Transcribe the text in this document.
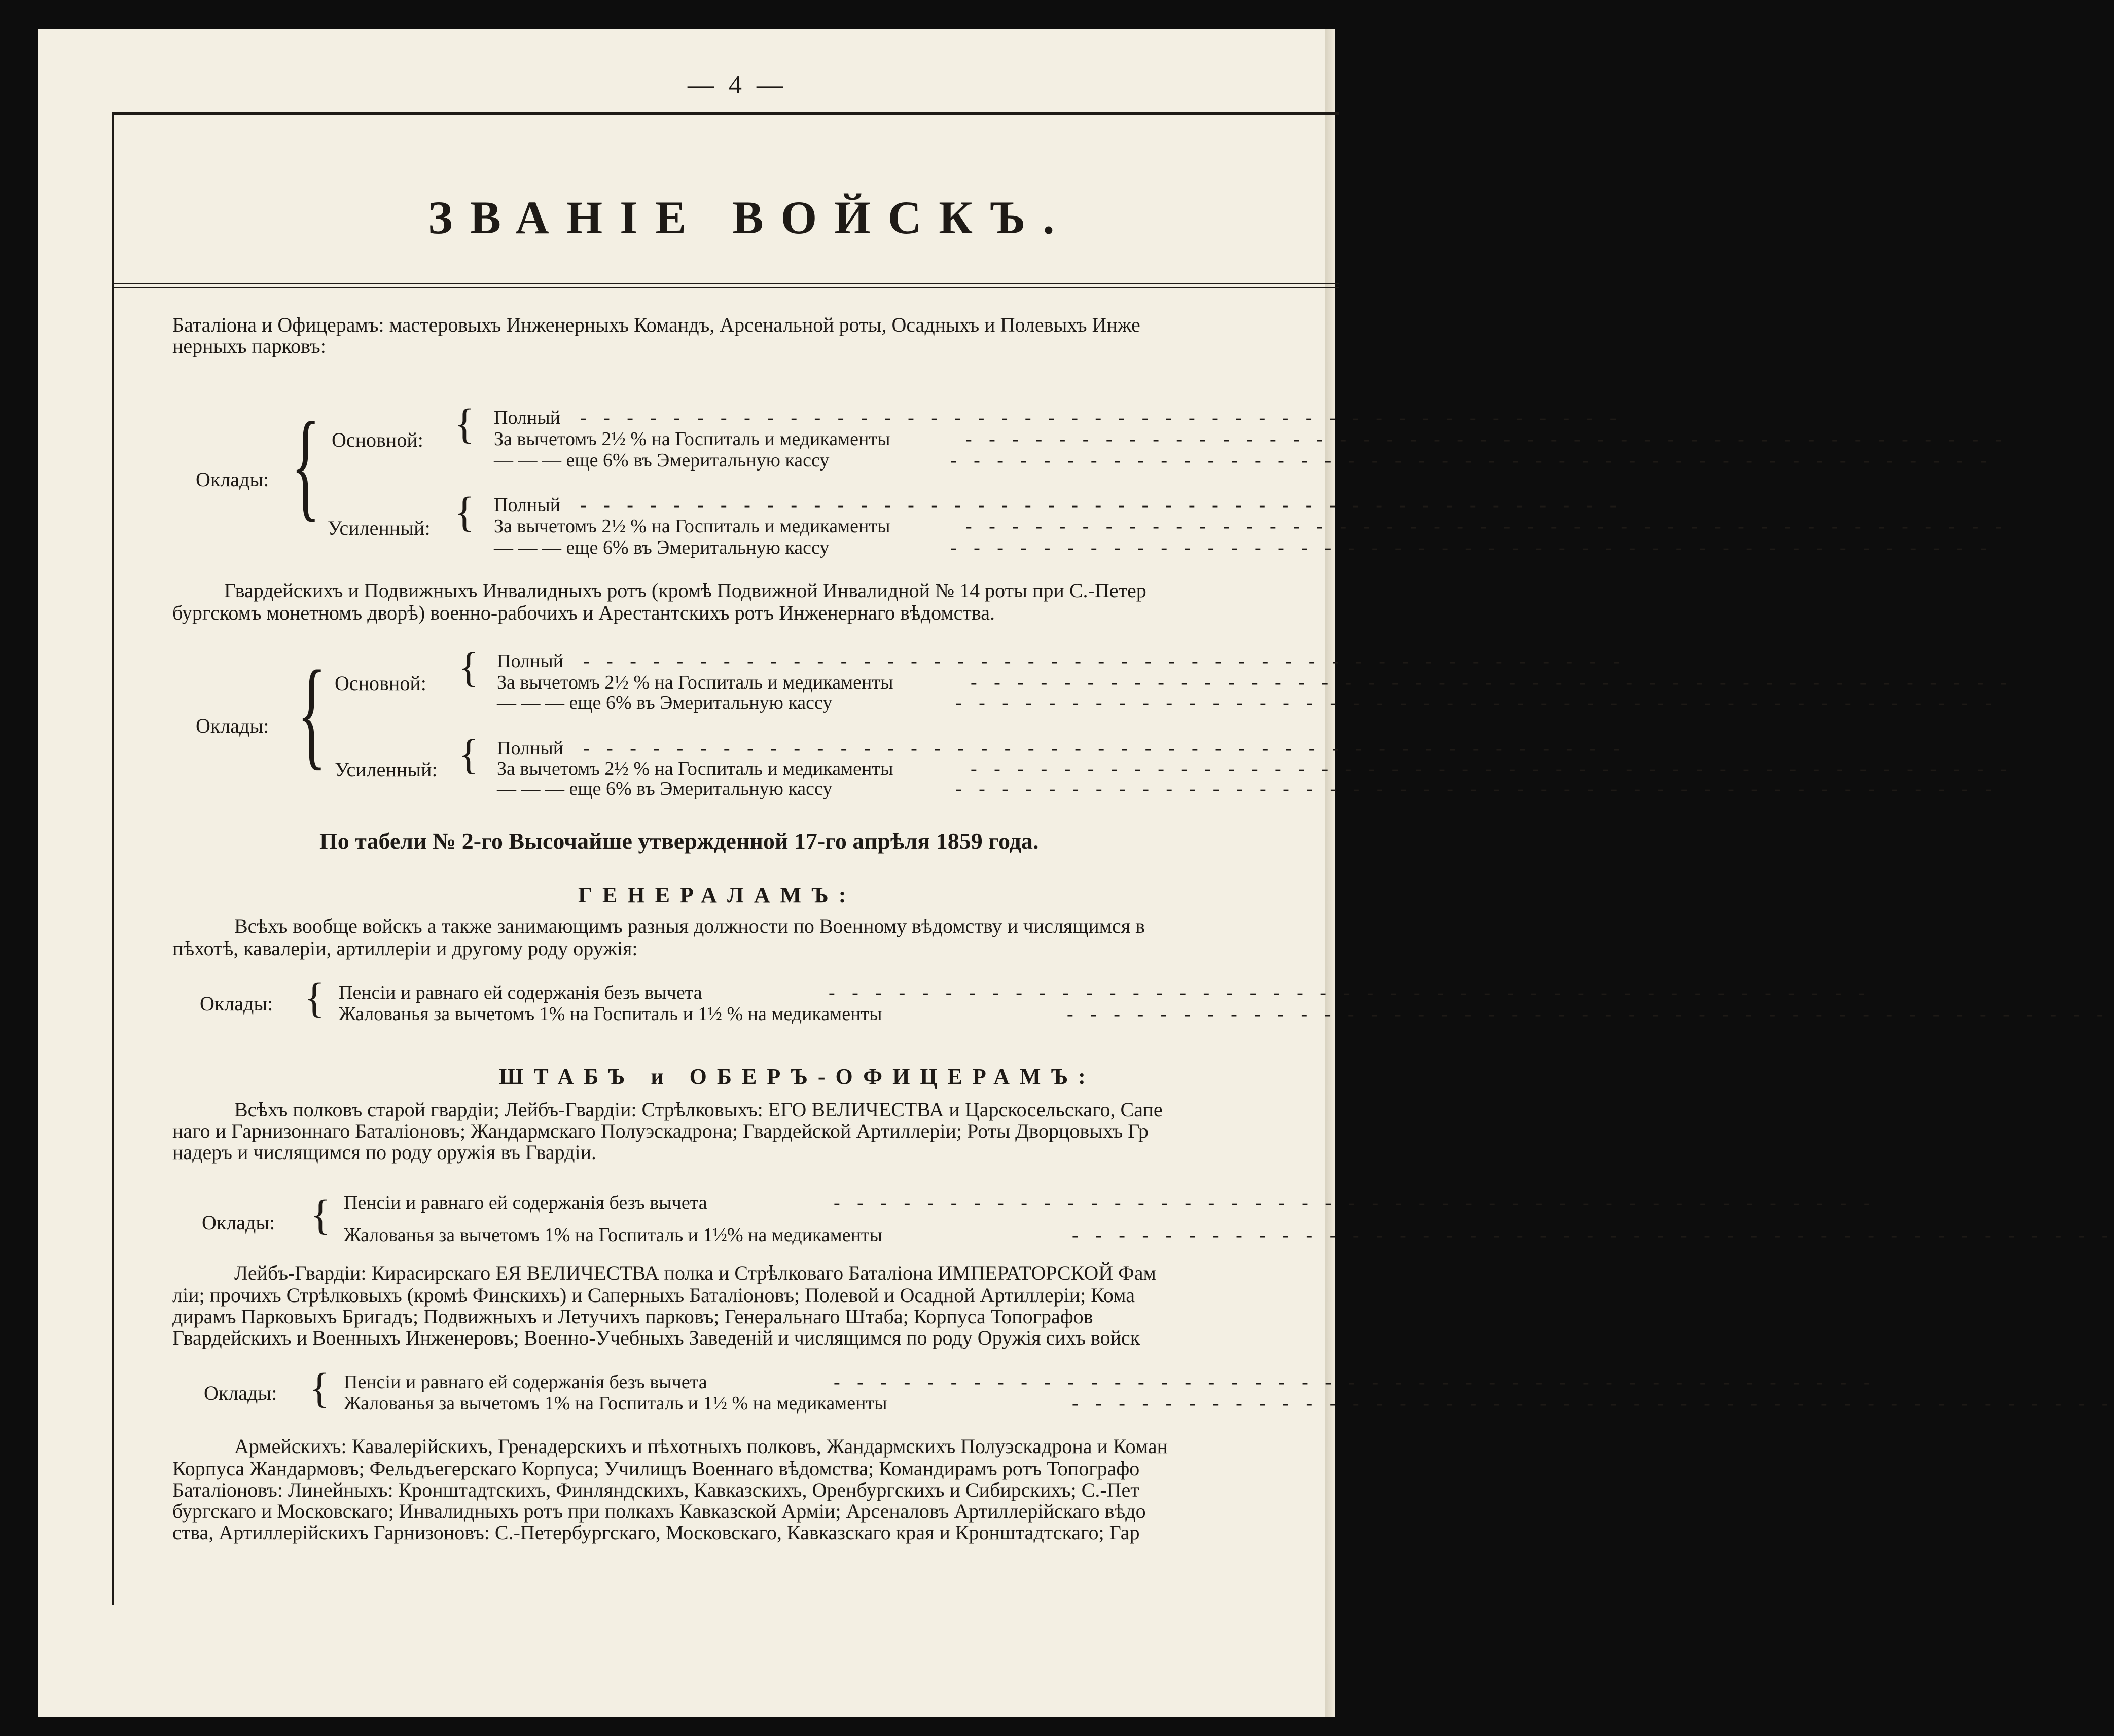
— 4 —
ЗВАНІЕ ВОЙСКЪ.
Баталіона и Офицерамъ: мастеровыхъ Инженерныхъ Командъ, Арсенальной роты, Осадныхъ и Полевыхъ Инже
нерныхъ парковъ:
Оклады: { Основной:
Усиленный:
{
{
Полный
За вычетомъ 2½ % на Госпиталь и медикаменты
— — — еще 6% въ Эмеритальную кассу
- - - - - - - - - - - - - - - - - - - - - - - - - - - - - - - - - - - - - - - - - - - - -
- - - - - - - - - - - - - - - - - - - - - - - - - - - - - - - - - - - - - - - - - - - - -
- - - - - - - - - - - - - - - - - - - - - - - - - - - - - - - - - - - - - - - - - - - - -
Полный
За вычетомъ 2½ % на Госпиталь и медикаменты
— — — еще 6% въ Эмеритальную кассу
- - - - - - - - - - - - - - - - - - - - - - - - - - - - - - - - - - - - - - - - - - - - -
- - - - - - - - - - - - - - - - - - - - - - - - - - - - - - - - - - - - - - - - - - - - -
- - - - - - - - - - - - - - - - - - - - - - - - - - - - - - - - - - - - - - - - - - - - -
Гвардейскихъ и Подвижныхъ Инвалидныхъ ротъ (кромѣ Подвижной Инвалидной № 14 роты при С.-Петер
бургскомъ монетномъ дворѣ) военно-рабочихъ и Арестантскихъ ротъ Инженернаго вѣдомства.
Оклады: { Основной:
Усиленный:
{
{
Полный
За вычетомъ 2½ % на Госпиталь и медикаменты
— — — еще 6% въ Эмеритальную кассу
- - - - - - - - - - - - - - - - - - - - - - - - - - - - - - - - - - - - - - - - - - - - -
- - - - - - - - - - - - - - - - - - - - - - - - - - - - - - - - - - - - - - - - - - - - -
- - - - - - - - - - - - - - - - - - - - - - - - - - - - - - - - - - - - - - - - - - - - -
Полный
За вычетомъ 2½ % на Госпиталь и медикаменты
— — — еще 6% въ Эмеритальную кассу
- - - - - - - - - - - - - - - - - - - - - - - - - - - - - - - - - - - - - - - - - - - - -
- - - - - - - - - - - - - - - - - - - - - - - - - - - - - - - - - - - - - - - - - - - - -
- - - - - - - - - - - - - - - - - - - - - - - - - - - - - - - - - - - - - - - - - - - - -
По табели № 2-го Высочайше утвержденной 17-го апрѣля 1859 года.
ГЕНЕРАЛАМЪ:
Всѣхъ вообще войскъ а также занимающимъ разныя должности по Военному вѣдомству и числящимся в
пѣхотѣ, кавалеріи, артиллеріи и другому роду оружія:
Оклады: { Пенсіи и равнаго ей содержанія безъ вычета
Жалованья за вычетомъ 1% на Госпиталь и 1½ % на медикаменты
- - - - - - - - - - - - - - - - - - - - - - - - - - - - - - - - - - - - - - - - - - - - -
- - - - - - - - - - - - - - - - - - - - - - - - - - - - - - - - - - - - - - - - - - - - -
ШТАБЪ и ОБЕРЪ-ОФИЦЕРАМЪ:
Всѣхъ полковъ старой гвардіи; Лейбъ-Гвардіи: Стрѣлковыхъ: ЕГО ВЕЛИЧЕСТВА и Царскосельскаго, Сапе
наго и Гарнизоннаго Баталіоновъ; Жандармскаго Полуэскадрона; Гвардейской Артиллеріи; Роты Дворцовыхъ Гр
надеръ и числящимся по роду оружія въ Гвардіи.
Оклады: { Пенсіи и равнаго ей содержанія безъ вычета
Жалованья за вычетомъ 1% на Госпиталь и 1½% на медикаменты
- - - - - - - - - - - - - - - - - - - - - - - - - - - - - - - - - - - - - - - - - - - - -
- - - - - - - - - - - - - - - - - - - - - - - - - - - - - - - - - - - - - - - - - - - - -
Лейбъ-Гвардіи: Кирасирскаго ЕЯ ВЕЛИЧЕСТВА полка и Стрѣлковаго Баталіона ИМПЕРАТОРСКОЙ Фам
ліи; прочихъ Стрѣлковыхъ (кромѣ Финскихъ) и Саперныхъ Баталіоновъ; Полевой и Осадной Артиллеріи; Кома
дирамъ Парковыхъ Бригадъ; Подвижныхъ и Летучихъ парковъ; Генеральнаго Штаба; Корпуса Топографов
Гвардейскихъ и Военныхъ Инженеровъ; Военно-Учебныхъ Заведеній и числящимся по роду Оружія сихъ войск
Оклады: { Пенсіи и равнаго ей содержанія безъ вычета
Жалованья за вычетомъ 1% на Госпиталь и 1½ % на медикаменты
- - - - - - - - - - - - - - - - - - - - - - - - - - - - - - - - - - - - - - - - - - - - -
- - - - - - - - - - - - - - - - - - - - - - - - - - - - - - - - - - - - - - - - - - - - -
Армейскихъ: Кавалерійскихъ, Гренадерскихъ и пѣхотныхъ полковъ, Жандармскихъ Полуэскадрона и Коман
Корпуса Жандармовъ; Фельдъегерскаго Корпуса; Училищъ Военнаго вѣдомства; Командирамъ ротъ Топографо
Баталіоновъ: Линейныхъ: Кронштадтскихъ, Финляндскихъ, Кавказскихъ, Оренбургскихъ и Сибирскихъ; С.-Пет
бургскаго и Московскаго; Инвалидныхъ ротъ при полкахъ Кавказской Арміи; Арсеналовъ Артиллерійскаго вѣдо
ства, Артиллерійскихъ Гарнизоновъ: С.-Петербургскаго, Московскаго, Кавказскаго края и Кронштадтскаго; Гар
